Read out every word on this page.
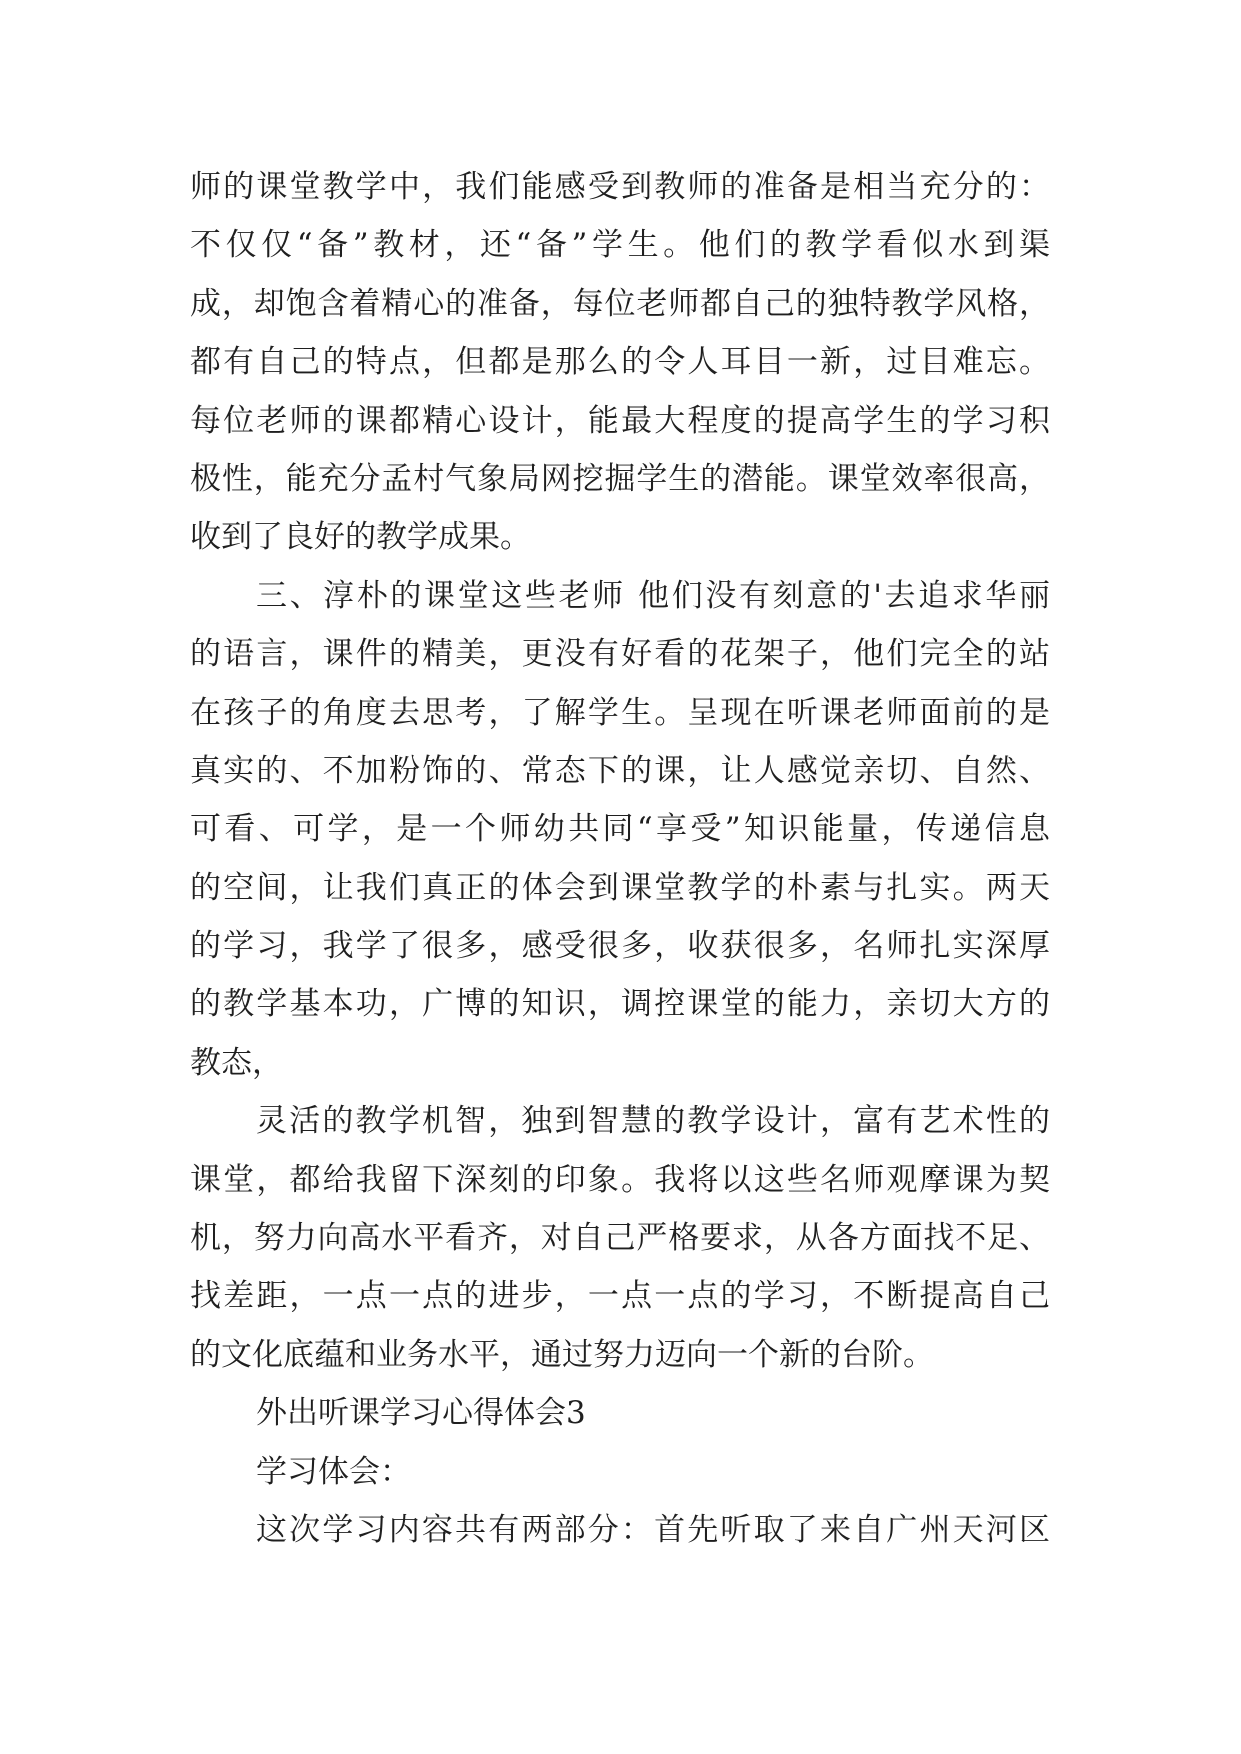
师的课堂教学中，我们能感受到教师的准备是相当充分的：
不仅仅“备”教材，还“备”学生。他们的教学看似水到渠
成，却饱含着精心的准备，每位老师都自己的独特教学风格，
都有自己的特点，但都是那么的令人耳目一新，过目难忘。
每位老师的课都精心设计，能最大程度的提高学生的学习积
极性，能充分孟村气象局网挖掘学生的潜能。课堂效率很高，
收到了良好的教学成果。
三、淳朴的课堂这些老师 他们没有刻意的'去追求华丽
的语言，课件的精美，更没有好看的花架子，他们完全的站
在孩子的角度去思考，了解学生。呈现在听课老师面前的是
真实的、不加粉饰的、常态下的课，让人感觉亲切、自然、
可看、可学，是一个师幼共同“享受”知识能量，传递信息
的空间，让我们真正的体会到课堂教学的朴素与扎实。两天
的学习，我学了很多，感受很多，收获很多，名师扎实深厚
的教学基本功，广博的知识，调控课堂的能力，亲切大方的
教态，
灵活的教学机智，独到智慧的教学设计，富有艺术性的
课堂，都给我留下深刻的印象。我将以这些名师观摩课为契
机，努力向高水平看齐，对自己严格要求，从各方面找不足、
找差距，一点一点的进步，一点一点的学习，不断提高自己
的文化底蕴和业务水平，通过努力迈向一个新的台阶。
外出听课学习心得体会3
学习体会：
这次学习内容共有两部分：首先听取了来自广州天河区
